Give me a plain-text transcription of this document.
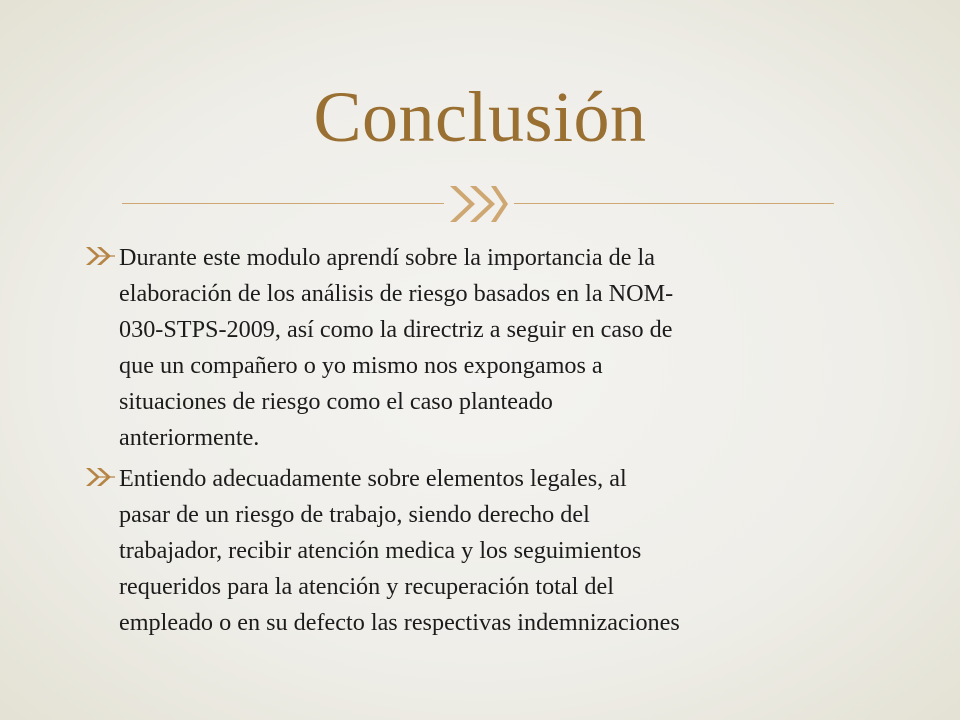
Conclusión
Durante este modulo aprendí sobre la importancia de la
elaboración de los análisis de riesgo basados en la NOM-
030-STPS-2009, así como la directriz a seguir en caso de
que un compañero o yo mismo nos expongamos a
situaciones de riesgo como el caso planteado
anteriormente.
Entiendo adecuadamente sobre elementos legales, al
pasar de un riesgo de trabajo, siendo derecho del
trabajador, recibir atención medica y los seguimientos
requeridos para la atención y recuperación total del
empleado o en su defecto las respectivas indemnizaciones
